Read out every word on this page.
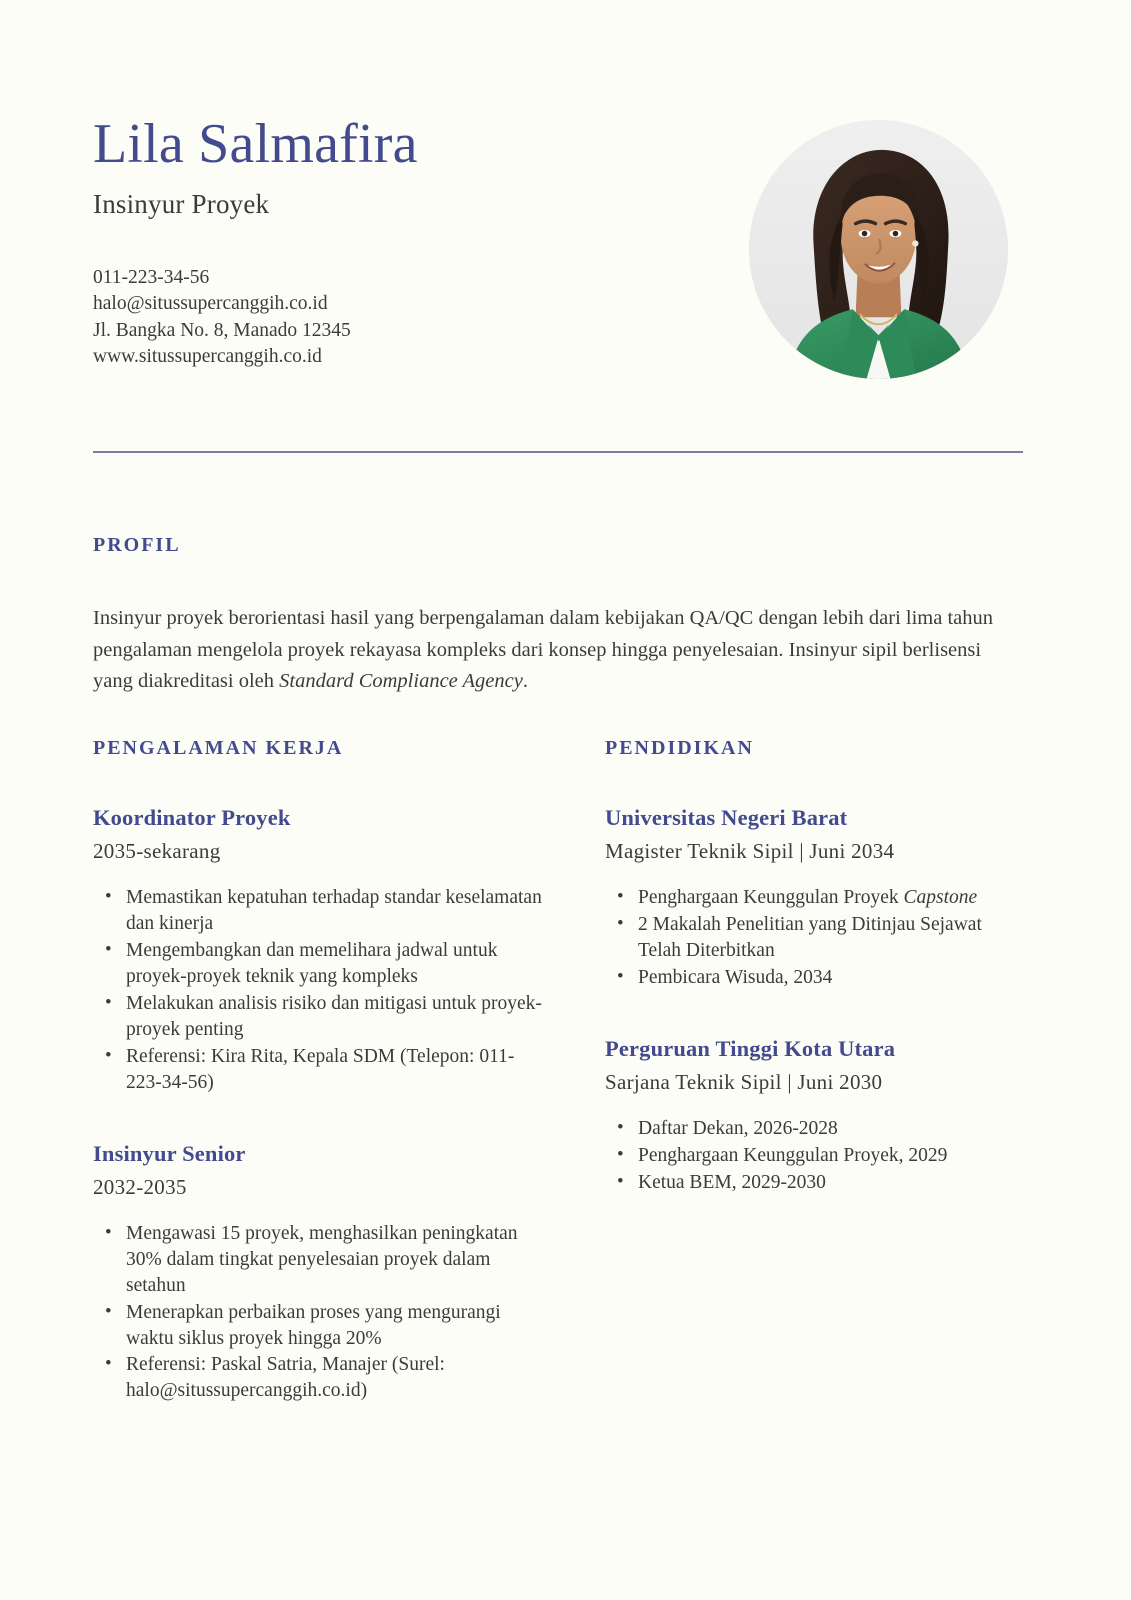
Lila Salmafira
Insinyur Proyek
011-223-34-56
halo@situssupercanggih.co.id
Jl. Bangka No. 8, Manado 12345
www.situssupercanggih.co.id
PROFIL
Insinyur proyek berorientasi hasil yang berpengalaman dalam kebijakan QA/QC dengan lebih dari lima tahun pengalaman mengelola proyek rekayasa kompleks dari konsep hingga penyelesaian. Insinyur sipil berlisensi yang diakreditasi oleh Standard Compliance Agency.
PENGALAMAN KERJA
Koordinator Proyek
2035-sekarang
• Memastikan kepatuhan terhadap standar keselamatan dan kinerja
• Mengembangkan dan memelihara jadwal untuk proyek-proyek teknik yang kompleks
• Melakukan analisis risiko dan mitigasi untuk proyek-proyek penting
• Referensi: Kira Rita, Kepala SDM (Telepon: 011-223-34-56)
Insinyur Senior
2032-2035
• Mengawasi 15 proyek, menghasilkan peningkatan 30% dalam tingkat penyelesaian proyek dalam setahun
• Menerapkan perbaikan proses yang mengurangi waktu siklus proyek hingga 20%
• Referensi: Paskal Satria, Manajer (Surel: halo@situssupercanggih.co.id)
PENDIDIKAN
Universitas Negeri Barat
Magister Teknik Sipil | Juni 2034
• Penghargaan Keunggulan Proyek Capstone
• 2 Makalah Penelitian yang Ditinjau Sejawat Telah Diterbitkan
• Pembicara Wisuda, 2034
Perguruan Tinggi Kota Utara
Sarjana Teknik Sipil | Juni 2030
• Daftar Dekan, 2026-2028
• Penghargaan Keunggulan Proyek, 2029
• Ketua BEM, 2029-2030
